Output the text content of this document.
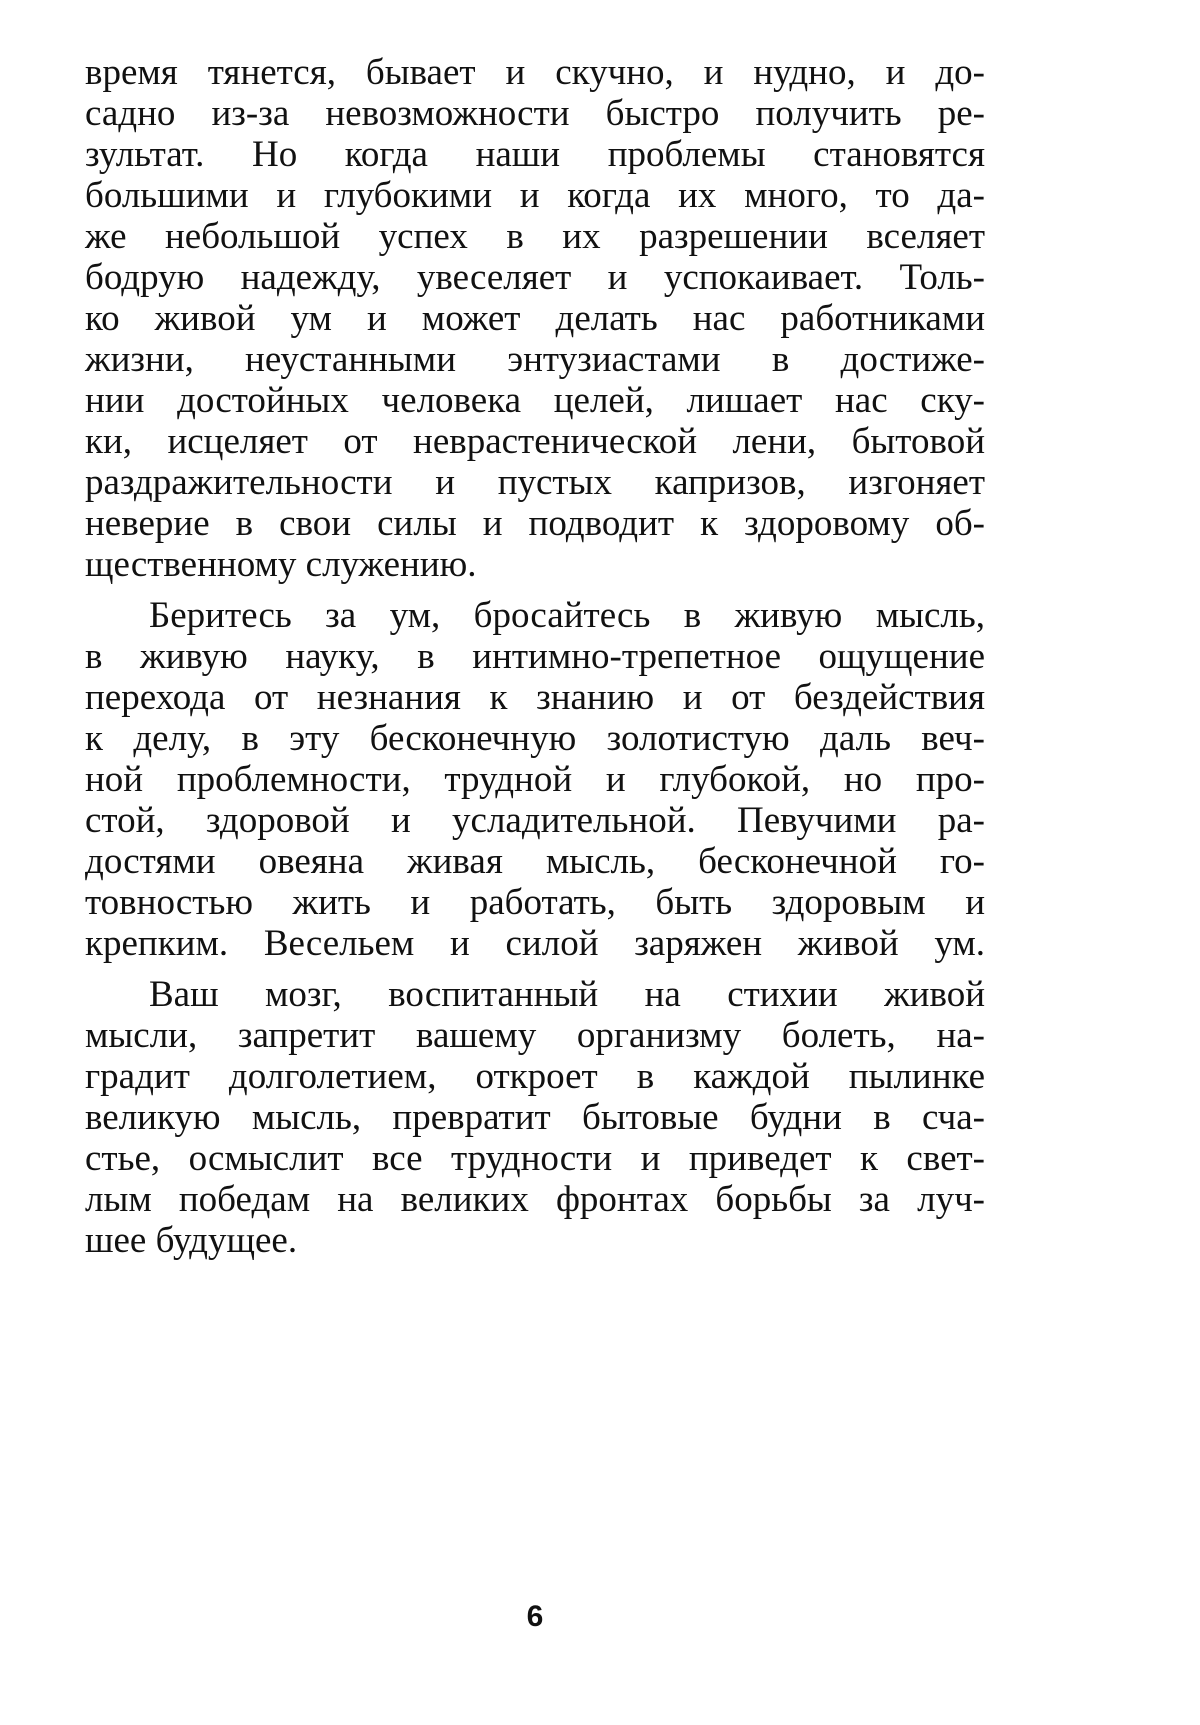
время тянется, бывает и скучно, и нудно, и до-
садно из-за невозможности быстро получить ре-
зультат. Но когда наши проблемы становятся
большими и глубокими и когда их много, то да-
же небольшой успех в их разрешении вселяет
бодрую надежду, увеселяет и успокаивает. Толь-
ко живой ум и может делать нас работниками
жизни, неустанными энтузиастами в достиже-
нии достойных человека целей, лишает нас ску-
ки, исцеляет от неврастенической лени, бытовой
раздражительности и пустых капризов, изгоняет
неверие в свои силы и подводит к здоровому об-
щественному служению.
Беритесь за ум, бросайтесь в живую мысль,
в живую науку, в интимно-трепетное ощущение
перехода от незнания к знанию и от бездействия
к делу, в эту бесконечную золотистую даль веч-
ной проблемности, трудной и глубокой, но про-
стой, здоровой и усладительной. Певучими ра-
достями овеяна живая мысль, бесконечной го-
товностью жить и работать, быть здоровым и
крепким. Весельем и силой заряжен живой ум.
Ваш мозг, воспитанный на стихии живой
мысли, запретит вашему организму болеть, на-
градит долголетием, откроет в каждой пылинке
великую мысль, превратит бытовые будни в сча-
стье, осмыслит все трудности и приведет к свет-
лым победам на великих фронтах борьбы за луч-
шее будущее.
6
